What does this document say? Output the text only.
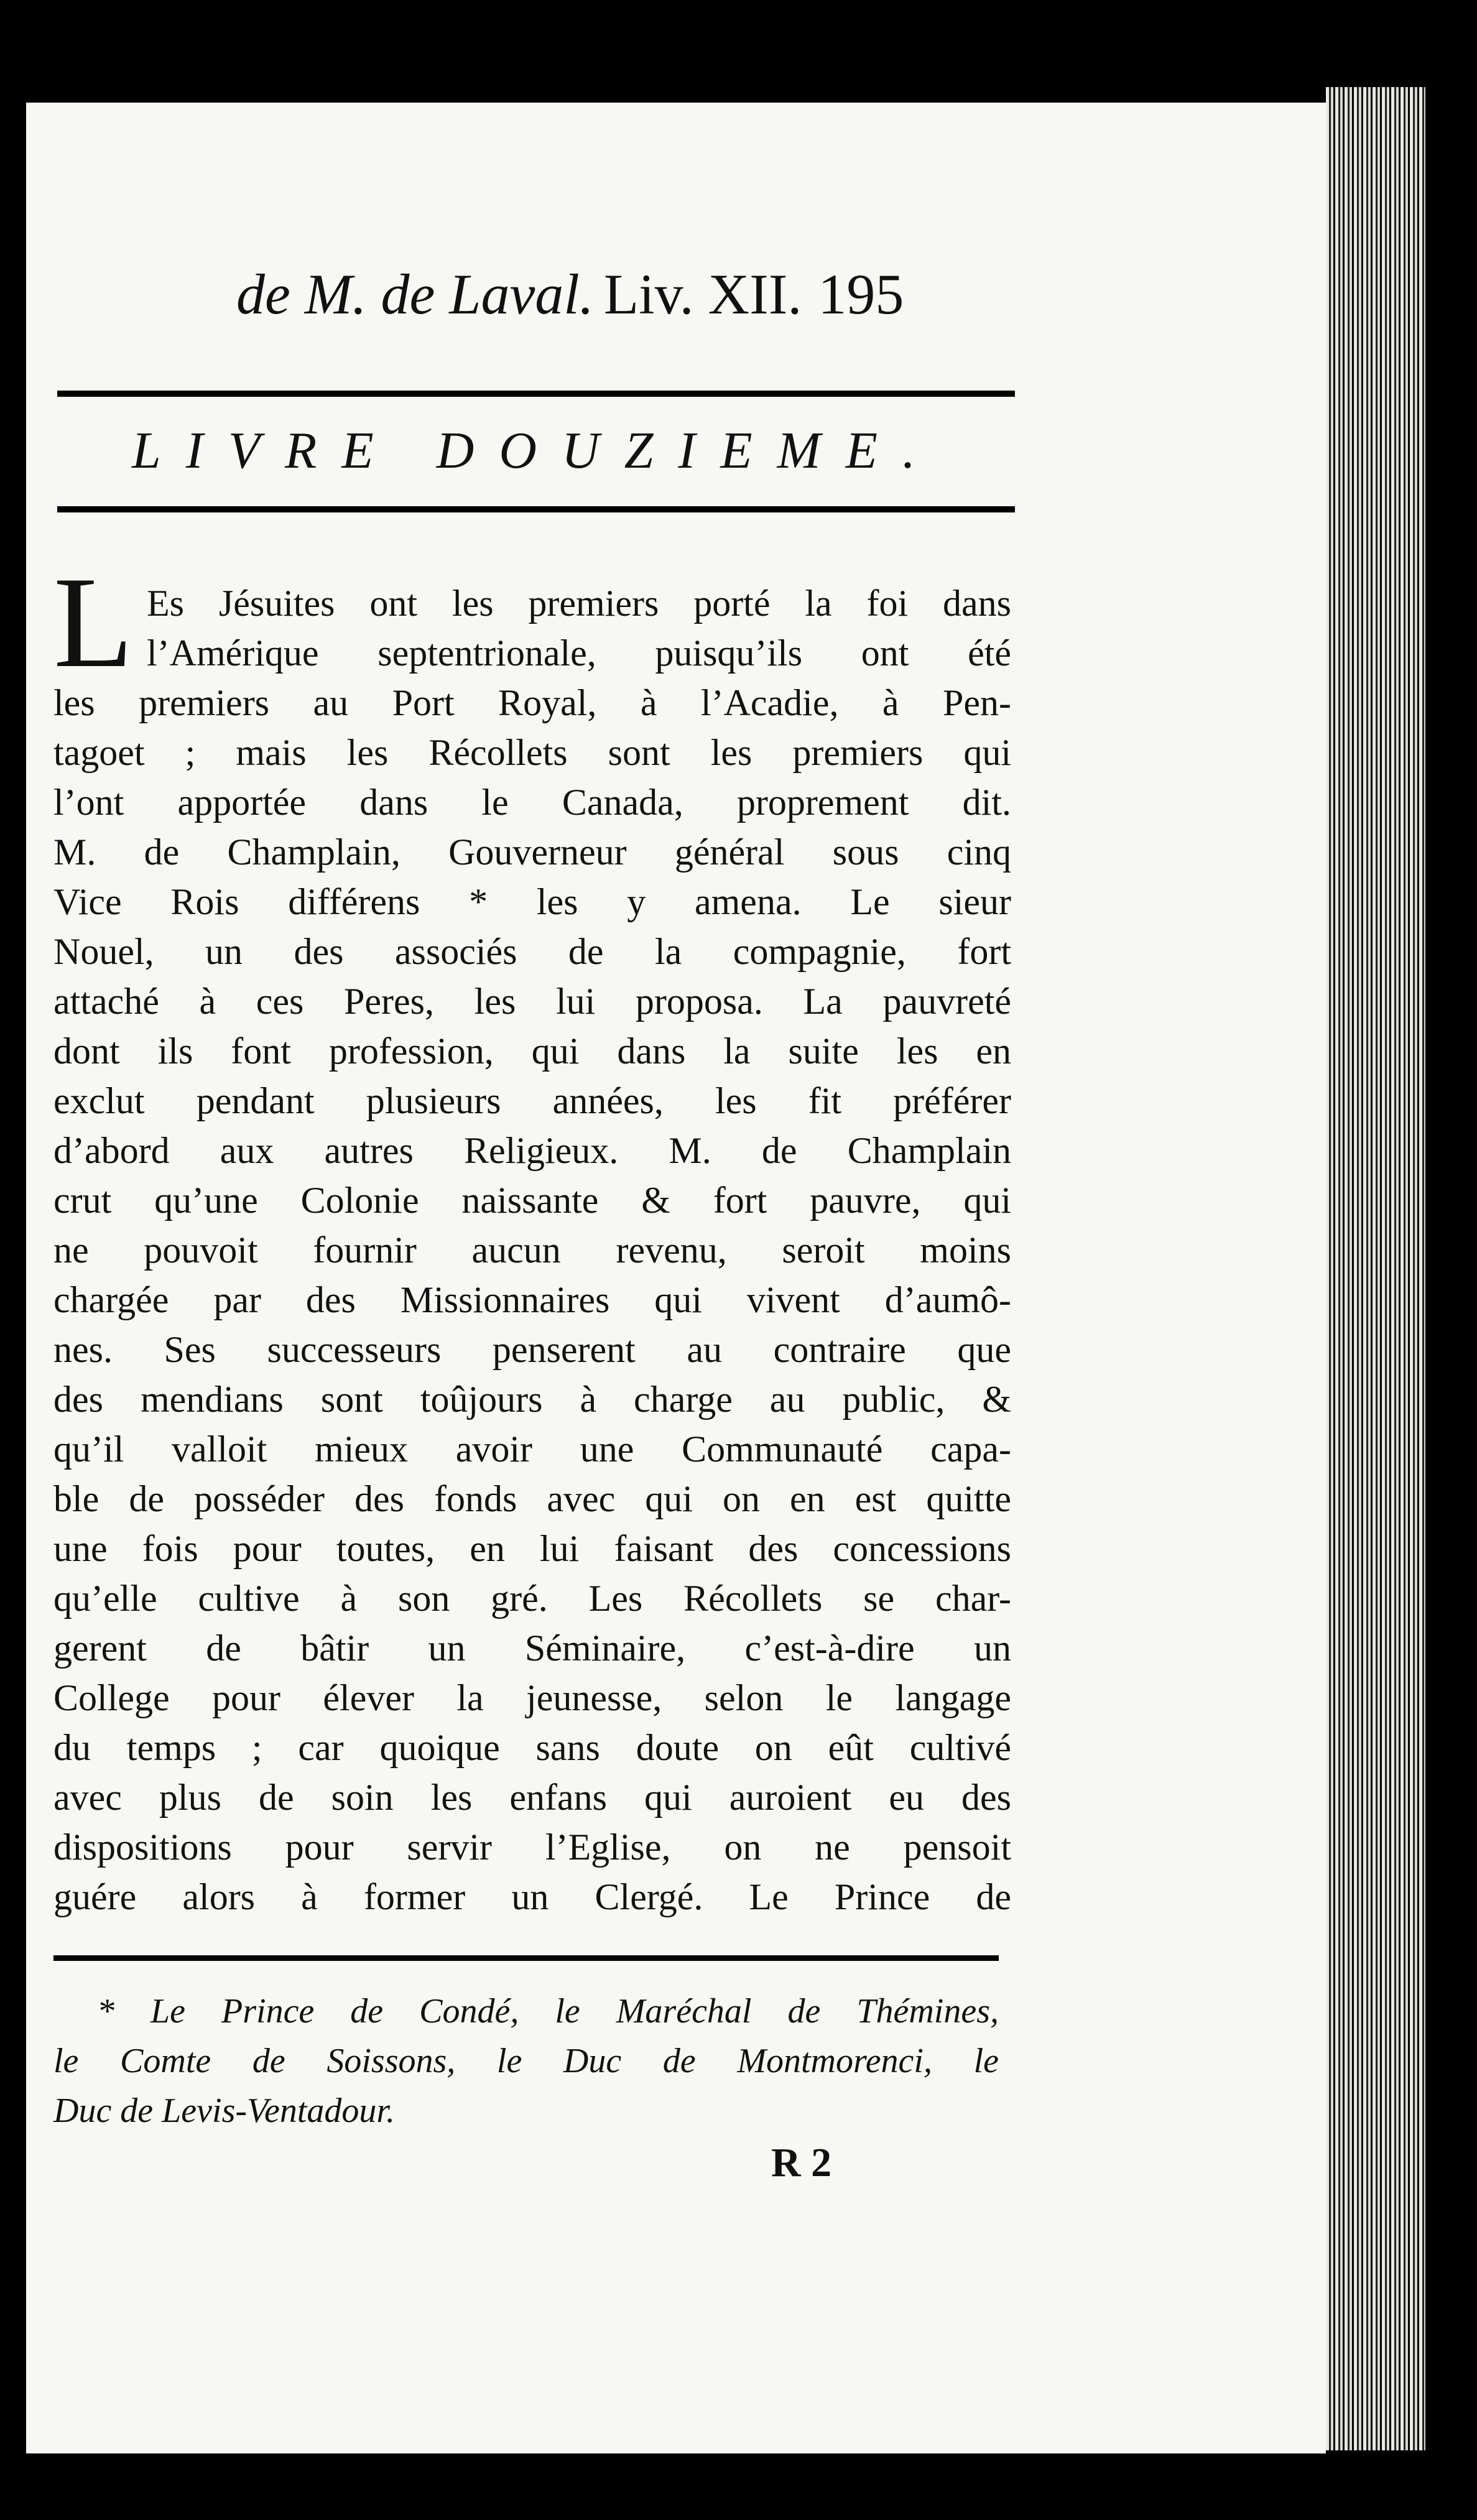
de M. de Laval. Liv. XII. 195
LIVRE DOUZIEME.
L Es Jésuites ont les premiers porté la foi dans
l’Amérique septentrionale, puisqu’ils ont été
les premiers au Port Royal, à l’Acadie, à Pen-
tagoet ; mais les Récollets sont les premiers qui
l’ont apportée dans le Canada, proprement dit.
M. de Champlain, Gouverneur général sous cinq
Vice Rois différens * les y amena. Le sieur
Nouel, un des associés de la compagnie, fort
attaché à ces Peres, les lui proposa. La pauvreté
dont ils font profession, qui dans la suite les en
exclut pendant plusieurs années, les fit préférer
d’abord aux autres Religieux. M. de Champlain
crut qu’une Colonie naissante & fort pauvre, qui
ne pouvoit fournir aucun revenu, seroit moins
chargée par des Missionnaires qui vivent d’aumô-
nes. Ses successeurs penserent au contraire que
des mendians sont toûjours à charge au public, &
qu’il valloit mieux avoir une Communauté capa-
ble de posséder des fonds avec qui on en est quitte
une fois pour toutes, en lui faisant des concessions
qu’elle cultive à son gré. Les Récollets se char-
gerent de bâtir un Séminaire, c’est-à-dire un
College pour élever la jeunesse, selon le langage
du temps ; car quoique sans doute on eût cultivé
avec plus de soin les enfans qui auroient eu des
dispositions pour servir l’Eglise, on ne pensoit
guére alors à former un Clergé. Le Prince de
* Le Prince de Condé, le Maréchal de Thémines,
le Comte de Soissons, le Duc de Montmorenci, le
Duc de Levis-Ventadour.
R 2
